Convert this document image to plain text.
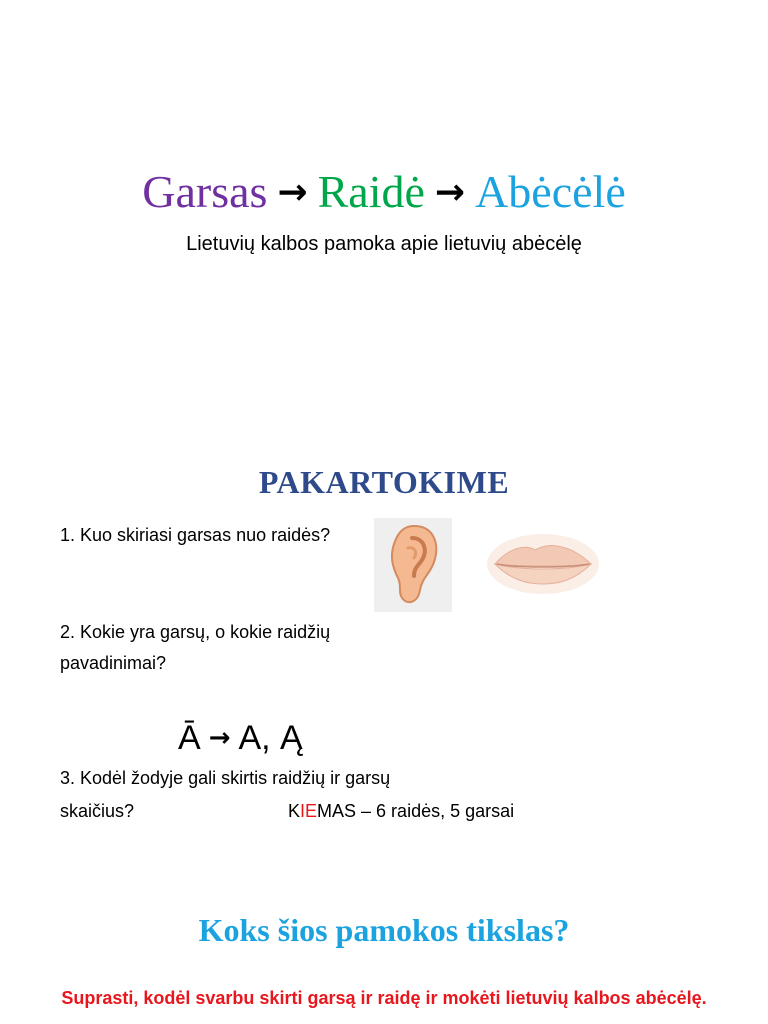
Garsas → Raidė → Abėcėlė
Lietuvių kalbos pamoka apie lietuvių abėcėlę
PAKARTOKIME
1. Kuo skiriasi garsas nuo raidės?

2. Kokie yra garsų, o kokie raidžių
pavadinimai?
Ā → A, Ą
3. Kodėl žodyje gali skirtis raidžių ir garsų
skaičius?	KIEMAS – 6 raidės, 5 garsai
Koks šios pamokos tikslas?
Suprasti, kodėl svarbu skirti garsą ir raidę ir mokėti lietuvių kalbos abėcėlę.
